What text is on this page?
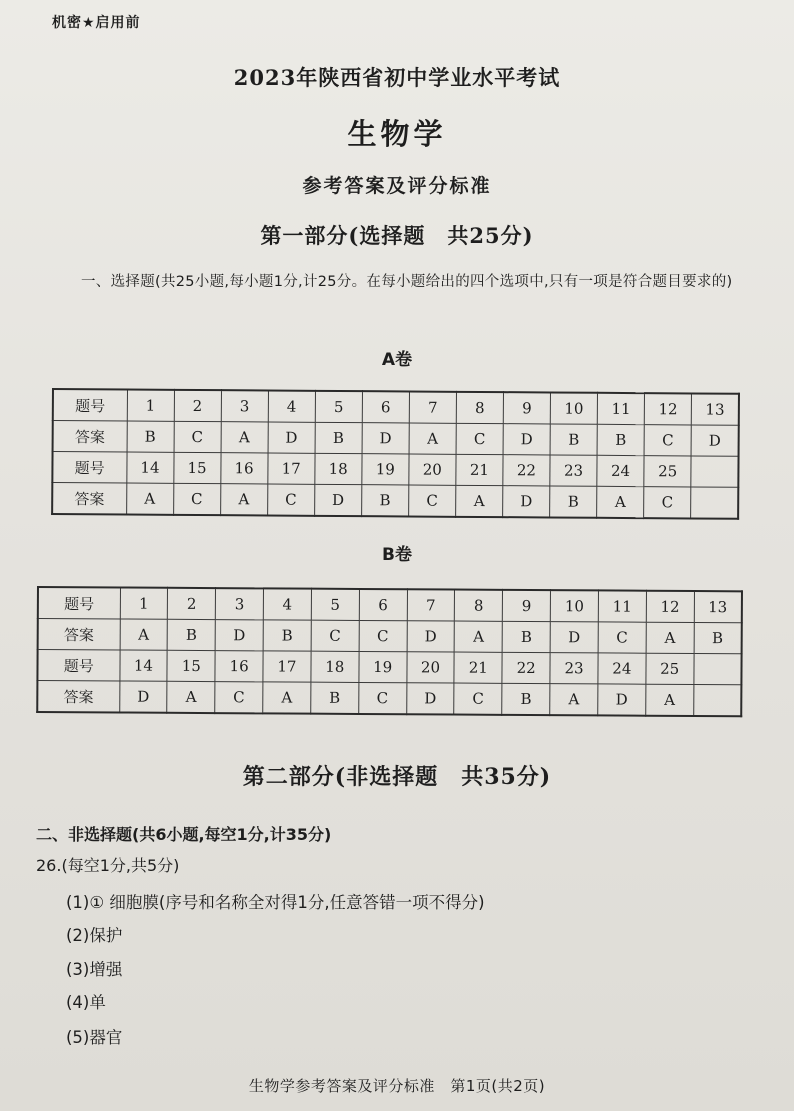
机密★启用前
2023年陕西省初中学业水平考试
生物学
参考答案及评分标准
第一部分(选择题　共25分)
一、选择题(共25小题,每小题1分,计25分。在每小题给出的四个选项中,只有一项是符合题目要求的)
A卷
题号	1	2	3	4	5	6	7	8	9	10	11	12	13
答案	B	C	A	D	B	D	A	C	D	B	B	C	D
题号	14	15	16	17	18	19	20	21	22	23	24	25	
答案	A	C	A	C	D	B	C	A	D	B	A	C	
B卷
题号	1	2	3	4	5	6	7	8	9	10	11	12	13
答案	A	B	D	B	C	C	D	A	B	D	C	A	B
题号	14	15	16	17	18	19	20	21	22	23	24	25	
答案	D	A	C	A	B	C	D	C	B	A	D	A	
第二部分(非选择题　共35分)
二、非选择题(共6小题,每空1分,计35分)
26.(每空1分,共5分)
(1)① 细胞膜(序号和名称全对得1分,任意答错一项不得分)
(2)保护
(3)增强
(4)单
(5)器官
生物学参考答案及评分标准　第1页(共2页)
